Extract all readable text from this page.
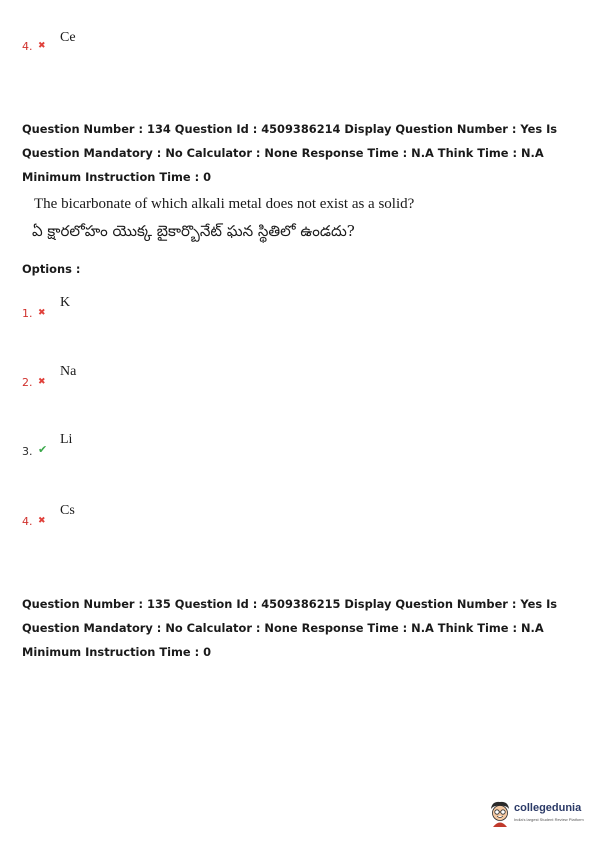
4. ✖
Ce
Question Number : 134 Question Id : 4509386214 Display Question Number : Yes Is Question Mandatory : No Calculator : None Response Time : N.A Think Time : N.A Minimum Instruction Time : 0
The bicarbonate of which alkali metal does not exist as a solid?
ఏ క్షారలోహం యొక్క బైకార్బొనేట్ ఘన స్థితిలో ఉండదు?
Options :
1. ✖
K
2. ✖
Na
3. ✔
Li
4. ✖
Cs
Question Number : 135 Question Id : 4509386215 Display Question Number : Yes Is Question Mandatory : No Calculator : None Response Time : N.A Think Time : N.A Minimum Instruction Time : 0
collegedunia
India's largest Student Review Platform
